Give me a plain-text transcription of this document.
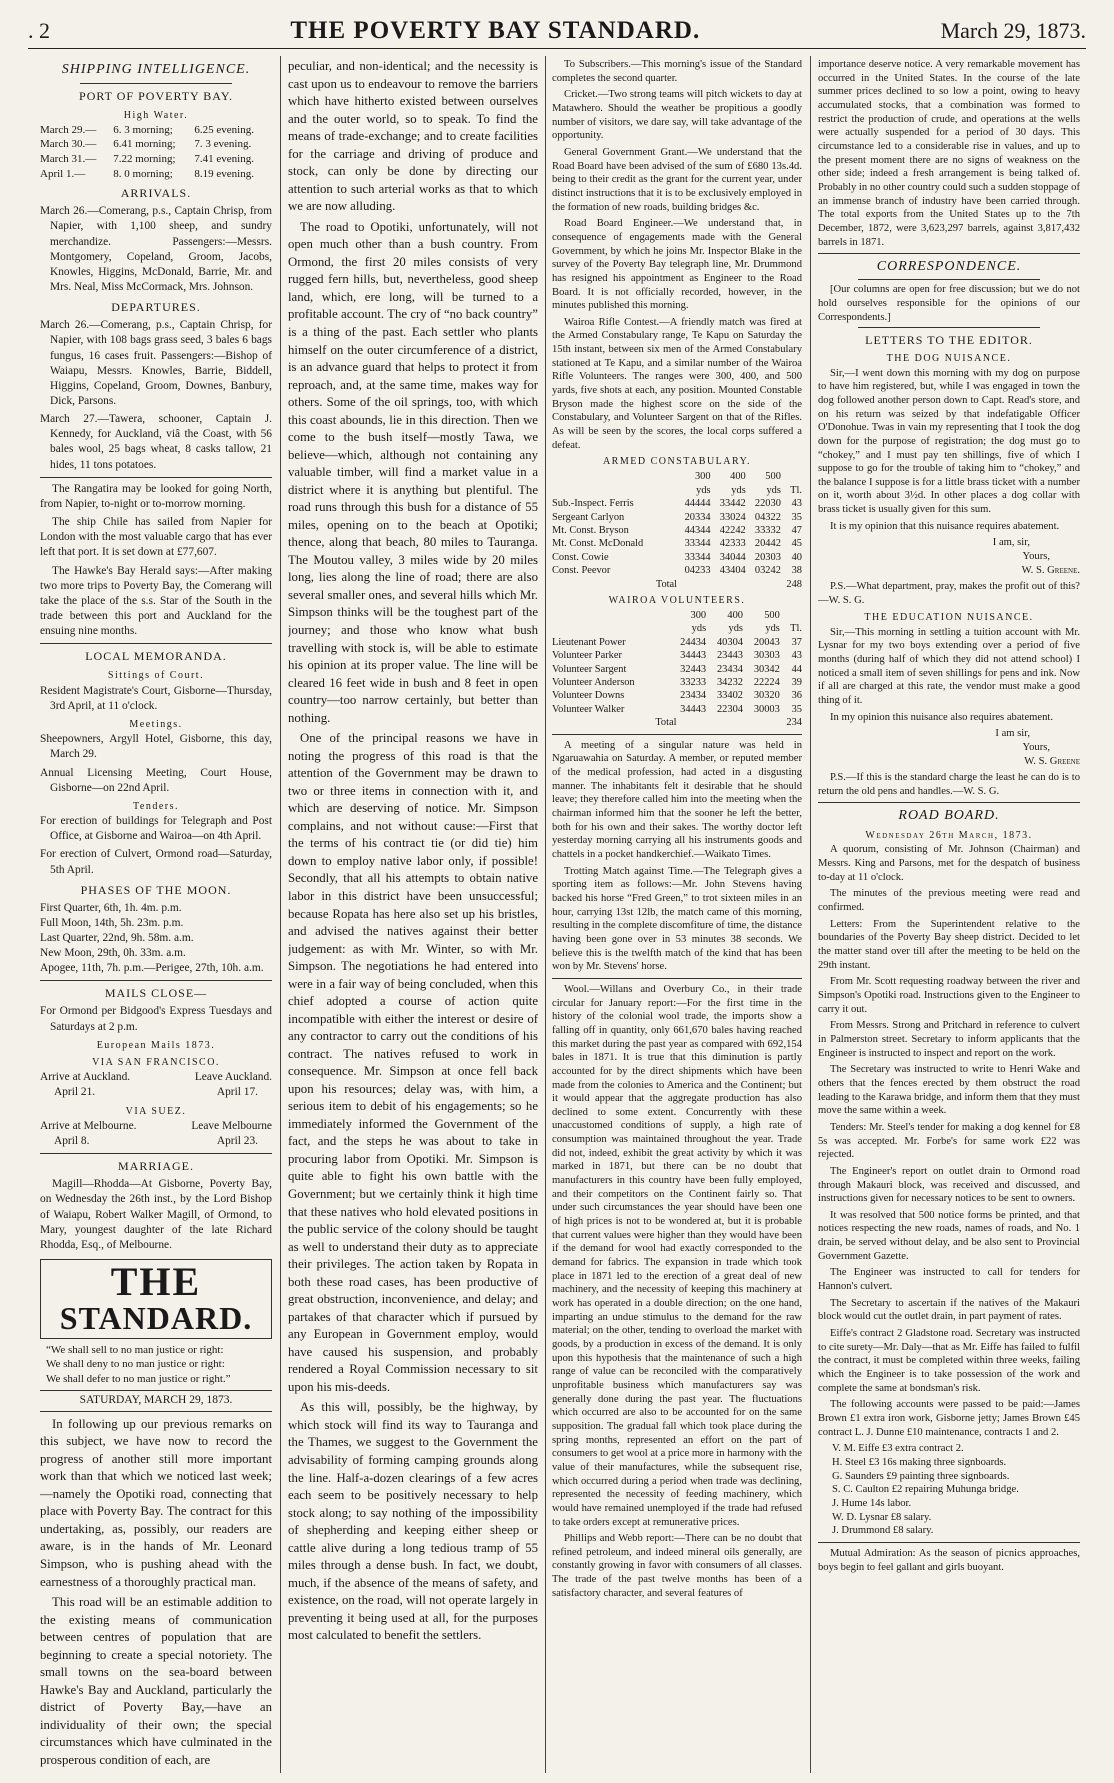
. 2	THE POVERTY BAY STANDARD.	March 29, 1873.
SHIPPING INTELLIGENCE.
PORT OF POVERTY BAY.
High Water.
March 29.—	6. 3 morning;	6.25 evening.
March 30.—	6.41 morning;	7. 3 evening.
March 31.—	7.22 morning;	7.41 evening.
April 1.—	8. 0 morning;	8.19 evening.
ARRIVALS.

March 26.—Comerang, p.s., Captain Chrisp, from Napier, with 1,100 sheep, and sundry merchandize. Passengers:—Messrs. Montgomery, Copeland, Groom, Jacobs, Knowles, Higgins, McDonald, Barrie, Mr. and Mrs. Neal, Miss McCormack, Mrs. Johnson.

DEPARTURES.

March 26.—Comerang, p.s., Captain Chrisp, for Napier, with 108 bags grass seed, 3 bales 6 bags fungus, 16 cases fruit. Passengers:—Bishop of Waiapu, Messrs. Knowles, Barrie, Biddell, Higgins, Copeland, Groom, Downes, Banbury, Dick, Parsons.

March 27.—Tawera, schooner, Captain J. Kennedy, for Auckland, viâ the Coast, with 56 bales wool, 25 bags wheat, 8 casks tallow, 21 hides, 11 tons potatoes.

The Rangatira may be looked for going North, from Napier, to-night or to-morrow morning.

The ship Chile has sailed from Napier for London with the most valuable cargo that has ever left that port. It is set down at £77,607.

The Hawke's Bay Herald says:—After making two more trips to Poverty Bay, the Comerang will take the place of the s.s. Star of the South in the trade between this port and Auckland for the ensuing nine months.

LOCAL MEMORANDA.
Sittings of Court.

Resident Magistrate's Court, Gisborne—Thursday, 3rd April, at 11 o'clock.

Meetings.

Sheepowners, Argyll Hotel, Gisborne, this day, March 29.

Annual Licensing Meeting, Court House, Gisborne—on 22nd April.

Tenders.

For erection of buildings for Telegraph and Post Office, at Gisborne and Wairoa—on 4th April.

For erection of Culvert, Ormond road—Saturday, 5th April.

PHASES OF THE MOON.

First Quarter, 6th, 1h. 4m. p.m.

Full Moon, 14th, 5h. 23m. p.m.

Last Quarter, 22nd, 9h. 58m. a.m.

New Moon, 29th, 0h. 33m. a.m.

Apogee, 11th, 7h. p.m.—Perigee, 27th, 10h. a.m.

MAILS CLOSE—

For Ormond per Bidgood's Express Tuesdays and Saturdays at 2 p.m.

European Mails 1873.
VIA SAN FRANCISCO.
Arrive at Auckland.	Leave Auckland.
April 21.	April 17.
VIA SUEZ.
Arrive at Melbourne.	Leave Melbourne
April 8.	April 23.
MARRIAGE.

Magill—Rhodda—At Gisborne, Poverty Bay, on Wednesday the 26th inst., by the Lord Bishop of Waiapu, Robert Walker Magill, of Ormond, to Mary, youngest daughter of the late Richard Rhodda, Esq., of Melbourne.

THE
STANDARD.
“We shall sell to no man justice or right:
We shall deny to no man justice or right:
We shall defer to no man justice or right.”
SATURDAY, MARCH 29, 1873.

In following up our previous remarks on this subject, we have now to record the progress of another still more important work than that which we noticed last week;—namely the Opotiki road, connecting that place with Poverty Bay. The contract for this undertaking, as, possibly, our readers are aware, is in the hands of Mr. Leonard Simpson, who is pushing ahead with the earnestness of a thoroughly practical man.

This road will be an estimable addition to the existing means of communication between centres of population that are beginning to create a special notoriety. The small towns on the sea-board between Hawke's Bay and Auckland, particularly the district of Poverty Bay,—have an individuality of their own; the special circumstances which have culminated in the prosperous condition of each, are

peculiar, and non-identical; and the necessity is cast upon us to endeavour to remove the barriers which have hitherto existed between ourselves and the outer world, so to speak. To find the means of trade-exchange; and to create facilities for the carriage and driving of produce and stock, can only be done by directing our attention to such arterial works as that to which we are now alluding.

The road to Opotiki, unfortunately, will not open much other than a bush country. From Ormond, the first 20 miles consists of very rugged fern hills, but, nevertheless, good sheep land, which, ere long, will be turned to a profitable account. The cry of “no back country” is a thing of the past. Each settler who plants himself on the outer circumference of a district, is an advance guard that helps to protect it from reproach, and, at the same time, makes way for others. Some of the oil springs, too, with which this coast abounds, lie in this direction. Then we come to the bush itself—mostly Tawa, we believe—which, although not containing any valuable timber, will find a market value in a district where it is anything but plentiful. The road runs through this bush for a distance of 55 miles, opening on to the beach at Opotiki; thence, along that beach, 80 miles to Tauranga. The Moutou valley, 3 miles wide by 20 miles long, lies along the line of road; there are also several smaller ones, and several hills which Mr. Simpson thinks will be the toughest part of the journey; and those who know what bush travelling with stock is, will be able to estimate his opinion at its proper value. The line will be cleared 16 feet wide in bush and 8 feet in open country—too narrow certainly, but better than nothing.

One of the principal reasons we have in noting the progress of this road is that the attention of the Government may be drawn to two or three items in connection with it, and which are deserving of notice. Mr. Simpson complains, and not without cause:—First that the terms of his contract tie (or did tie) him down to employ native labor only, if possible! Secondly, that all his attempts to obtain native labor in this district have been unsuccessful; because Ropata has here also set up his bristles, and advised the natives against their better judgement: as with Mr. Winter, so with Mr. Simpson. The negotiations he had entered into were in a fair way of being concluded, when this chief adopted a course of action quite incompatible with either the interest or desire of any contractor to carry out the conditions of his contract. The natives refused to work in consequence. Mr. Simpson at once fell back upon his resources; delay was, with him, a serious item to debit of his engagements; so he immediately informed the Government of the fact, and the steps he was about to take in procuring labor from Opotiki. Mr. Simpson is quite able to fight his own battle with the Government; but we certainly think it high time that these natives who hold elevated positions in the public service of the colony should be taught as well to understand their duty as to appreciate their privileges. The action taken by Ropata in both these road cases, has been productive of great obstruction, inconvenience, and delay; and partakes of that character which if pursued by any European in Government employ, would have caused his suspension, and probably rendered a Royal Commission necessary to sit upon his mis-deeds.

As this will, possibly, be the highway, by which stock will find its way to Tauranga and the Thames, we suggest to the Government the advisability of forming camping grounds along the line. Half-a-dozen clearings of a few acres each seem to be positively necessary to help stock along; to say nothing of the impossibility of shepherding and keeping either sheep or cattle alive during a long tedious tramp of 55 miles through a dense bush. In fact, we doubt, much, if the absence of the means of safety, and existence, on the road, will not operate largely in preventing it being used at all, for the purposes most calculated to benefit the settlers.

To Subscribers.—This morning's issue of the Standard completes the second quarter.

Cricket.—Two strong teams will pitch wickets to day at Matawhero. Should the weather be propitious a goodly number of visitors, we dare say, will take advantage of the opportunity.

General Government Grant.—We understand that the Road Board have been advised of the sum of £680 13s.4d. being to their credit as the grant for the current year, under distinct instructions that it is to be exclusively employed in the formation of new roads, building bridges &c.

Road Board Engineer.—We understand that, in consequence of engagements made with the General Government, by which he joins Mr. Inspector Blake in the survey of the Poverty Bay telegraph line, Mr. Drummond has resigned his appointment as Engineer to the Road Board. It is not officially recorded, however, in the minutes published this morning.

Wairoa Rifle Contest.—A friendly match was fired at the Armed Constabulary range, Te Kapu on Saturday the 15th instant, between six men of the Armed Constabulary stationed at Te Kapu, and a similar number of the Wairoa Rifle Volunteers. The ranges were 300, 400, and 500 yards, five shots at each, any position. Mounted Constable Bryson made the highest score on the side of the Constabulary, and Volunteer Sargent on that of the Rifles. As will be seen by the scores, the local corps suffered a defeat.

ARMED CONSTABULARY.
	300	400	500	
	yds	yds	yds	Tl.
Sub.-Inspect. Ferris	44444	33442	22030	43
Sergeant Carlyon	20334	33024	04322	35
Mt. Const. Bryson	44344	42242	33332	47
Mt. Const. McDonald	33344	42333	20442	45
Const. Cowie	33344	34044	20303	40
Const. Peevor	04233	43404	03242	38
Total				248
WAIROA VOLUNTEERS.
	300	400	500	
	yds	yds	yds	Tl.
Lieutenant Power	24434	40304	20043	37
Volunteer Parker	34443	23443	30303	43
Volunteer Sargent	32443	23434	30342	44
Volunteer Anderson	33233	34232	22224	39
Volunteer Downs	23434	33402	30320	36
Volunteer Walker	34443	22304	30003	35
Total				234

A meeting of a singular nature was held in Ngaruawahia on Saturday. A member, or reputed member of the medical profession, had acted in a disgusting manner. The inhabitants felt it desirable that he should leave; they therefore called him into the meeting when the chairman informed him that the sooner he left the better, both for his own and their sakes. The worthy doctor left yesterday morning carrying all his instruments goods and chattels in a pocket handkerchief.—Waikato Times.

Trotting Match against Time.—The Telegraph gives a sporting item as follows:—Mr. John Stevens having backed his horse “Fred Green,” to trot sixteen miles in an hour, carrying 13st 12lb, the match came of this morning, resulting in the complete discomfiture of time, the distance having been gone over in 53 minutes 38 seconds. We believe this is the twelfth match of the kind that has been won by Mr. Stevens' horse.

Wool.—Willans and Overbury Co., in their trade circular for January report:—For the first time in the history of the colonial wool trade, the imports show a falling off in quantity, only 661,670 bales having reached this market during the past year as compared with 692,154 bales in 1871. It is true that this diminution is partly accounted for by the direct shipments which have been made from the colonies to America and the Continent; but it would appear that the aggregate production has also declined to some extent. Concurrently with these unaccustomed conditions of supply, a high rate of consumption was maintained throughout the year. Trade did not, indeed, exhibit the great activity by which it was marked in 1871, but there can be no doubt that manufacturers in this country have been fully employed, and their competitors on the Continent fairly so. That under such circumstances the year should have been one of high prices is not to be wondered at, but it is probable that current values were higher than they would have been if the demand for wool had exactly corresponded to the demand for fabrics. The expansion in trade which took place in 1871 led to the erection of a great deal of new machinery, and the necessity of keeping this machinery at work has operated in a double direction; on the one hand, imparting an undue stimulus to the demand for the raw material; on the other, tending to overload the market with goods, by a production in excess of the demand. It is only upon this hypothesis that the maintenance of such a high range of value can be reconciled with the comparatively unprofitable business which manufacturers say was generally done during the past year. The fluctuations which occurred are also to be accounted for on the same supposition. The gradual fall which took place during the spring months, represented an effort on the part of consumers to get wool at a price more in harmony with the value of their manufactures, while the subsequent rise, which occurred during a period when trade was declining, represented the necessity of feeding machinery, which would have remained unemployed if the trade had refused to take orders except at remunerative prices.

Phillips and Webb report:—There can be no doubt that refined petroleum, and indeed mineral oils generally, are constantly growing in favor with consumers of all classes. The trade of the past twelve months has been of a satisfactory character, and several features of

importance deserve notice. A very remarkable movement has occurred in the United States. In the course of the late summer prices declined to so low a point, owing to heavy accumulated stocks, that a combination was formed to restrict the production of crude, and operations at the wells were actually suspended for a period of 30 days. This circumstance led to a considerable rise in values, and up to the present moment there are no signs of weakness on the other side; indeed a fresh arrangement is being talked of. Probably in no other country could such a sudden stoppage of an immense branch of industry have been carried through. The total exports from the United States up to the 7th December, 1872, were 3,623,297 barrels, against 3,817,432 barrels in 1871.

CORRESPONDENCE.

[Our columns are open for free discussion; but we do not hold ourselves responsible for the opinions of our Correspondents.]

LETTERS TO THE EDITOR.
THE DOG NUISANCE.

Sir,—I went down this morning with my dog on purpose to have him registered, but, while I was engaged in town the dog followed another person down to Capt. Read's store, and on his return was seized by that indefatigable Officer O'Donohue. Twas in vain my representing that I took the dog down for the purpose of registration; the dog must go to “chokey,” and I must pay ten shillings, five of which I suppose to go for the trouble of taking him to “chokey,” and the balance I suppose is for a little brass ticket with a number on it, worth about 3½d. In other places a dog collar with brass ticket is usually given for this sum.

It is my opinion that this nuisance requires abatement.

I am, sir,

Yours,

W. S. Greene.

P.S.—What department, pray, makes the profit out of this?—W. S. G.

THE EDUCATION NUISANCE.

Sir,—This morning in settling a tuition account with Mr. Lysnar for my two boys extending over a period of five months (during half of which they did not attend school) I noticed a small item of seven shillings for pens and ink. Now if all are charged at this rate, the vendor must make a good thing of it.

In my opinion this nuisance also requires abatement.

I am sir,

Yours,

W. S. Greene

P.S.—If this is the standard charge the least he can do is to return the old pens and handles.—W. S. G.

ROAD BOARD.
Wednesday 26th March, 1873.

A quorum, consisting of Mr. Johnson (Chairman) and Messrs. King and Parsons, met for the despatch of business to-day at 11 o'clock.

The minutes of the previous meeting were read and confirmed.

Letters: From the Superintendent relative to the boundaries of the Poverty Bay sheep district. Decided to let the matter stand over till after the meeting to be held on the 29th instant.

From Mr. Scott requesting roadway between the river and Simpson's Opotiki road. Instructions given to the Engineer to carry it out.

From Messrs. Strong and Pritchard in reference to culvert in Palmerston street. Secretary to inform applicants that the Engineer is instructed to inspect and report on the work.

The Secretary was instructed to write to Henri Wake and others that the fences erected by them obstruct the road leading to the Karawa bridge, and inform them that they must move the same within a week.

Tenders: Mr. Steel's tender for making a dog kennel for £8 5s was accepted. Mr. Forbe's for same work £22 was rejected.

The Engineer's report on outlet drain to Ormond road through Makauri block, was received and discussed, and instructions given for necessary notices to be sent to owners.

It was resolved that 500 notice forms be printed, and that notices respecting the new roads, names of roads, and No. 1 drain, be served without delay, and be also sent to Provincial Government Gazette.

The Engineer was instructed to call for tenders for Hannon's culvert.

The Secretary to ascertain if the natives of the Makauri block would cut the outlet drain, in part payment of rates.

Eiffe's contract 2 Gladstone road. Secretary was instructed to cite surety—Mr. Daly—that as Mr. Eiffe has failed to fulfil the contract, it must be completed within three weeks, failing which the Engineer is to take possession of the work and complete the same at bondsman's risk.

The following accounts were passed to be paid:—James Brown £1 extra iron work, Gisborne jetty; James Brown £45 contract L. J. Dunne £10 maintenance, contracts 1 and 2.

V. M. Eiffe £3 extra contract 2.

H. Steel £3 16s making three signboards.

G. Saunders £9 painting three signboards.

S. C. Caulton £2 repairing Muhunga bridge.

J. Hume 14s labor.

W. D. Lysnar £8 salary.

J. Drummond £8 salary.

Mutual Admiration: As the season of picnics approaches, boys begin to feel gallant and girls buoyant.
